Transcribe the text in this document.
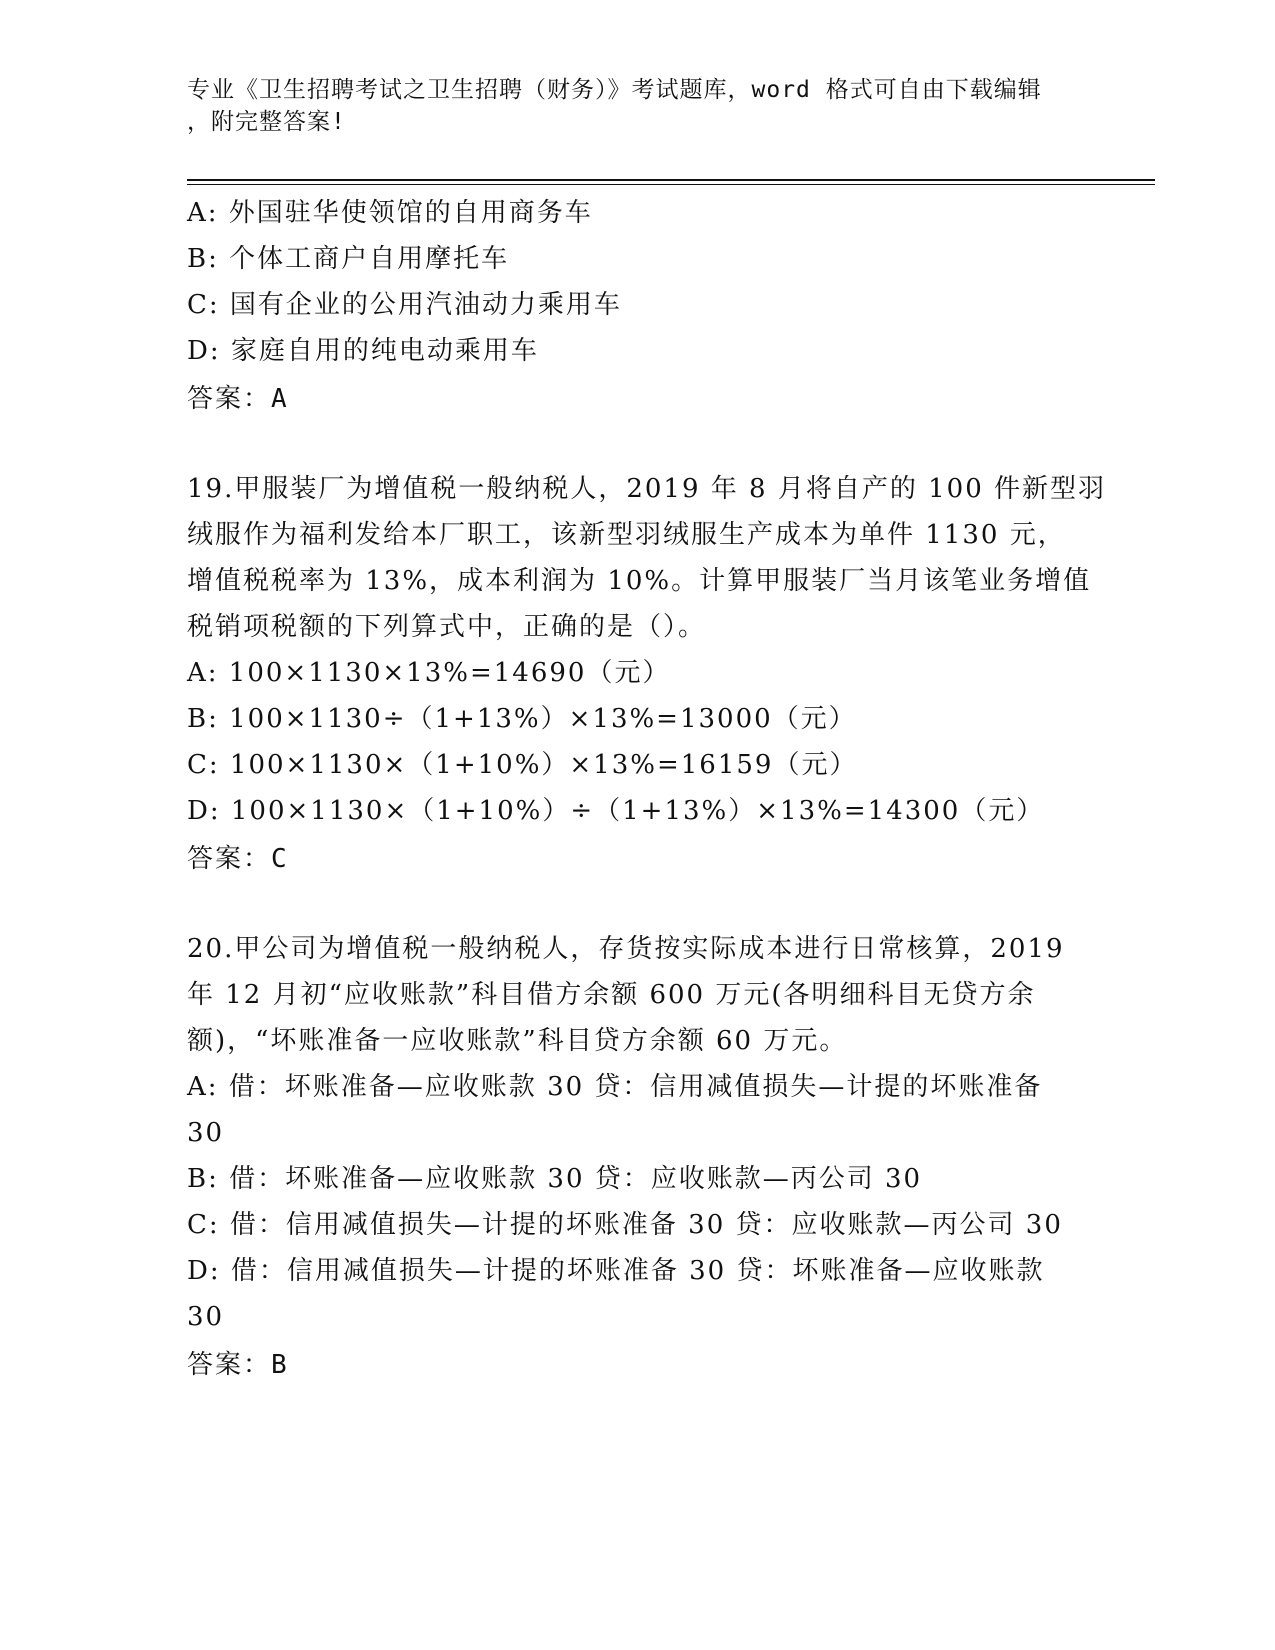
专业《卫生招聘考试之卫生招聘（财务）》考试题库，word 格式可自由下载编辑
，附完整答案!
A: 外国驻华使领馆的自用商务车
B: 个体工商户自用摩托车
C: 国有企业的公用汽油动力乘用车
D: 家庭自用的纯电动乘用车
答案：A
19.甲服装厂为增值税一般纳税人，2019 年 8 月将自产的 100 件新型羽
绒服作为福利发给本厂职工，该新型羽绒服生产成本为单件 1130 元，
增值税税率为 13%，成本利润为 10%。计算甲服装厂当月该笔业务增值
税销项税额的下列算式中，正确的是（）。
A: 100×1130×13%=14690（元）
B: 100×1130÷（1+13%）×13%=13000（元）
C: 100×1130×（1+10%）×13%=16159（元）
D: 100×1130×（1+10%）÷（1+13%）×13%=14300（元）
答案：C
20.甲公司为增值税一般纳税人，存货按实际成本进行日常核算，2019
年 12 月初“应收账款”科目借方余额 600 万元(各明细科目无贷方余
额)，“坏账准备一应收账款”科目贷方余额 60 万元。
A: 借：坏账准备—应收账款 30 贷：信用减值损失—计提的坏账准备
30
B: 借：坏账准备—应收账款 30 贷：应收账款—丙公司 30
C: 借：信用减值损失—计提的坏账准备 30 贷：应收账款—丙公司 30
D: 借：信用减值损失—计提的坏账准备 30 贷：坏账准备—应收账款
30
答案：B
